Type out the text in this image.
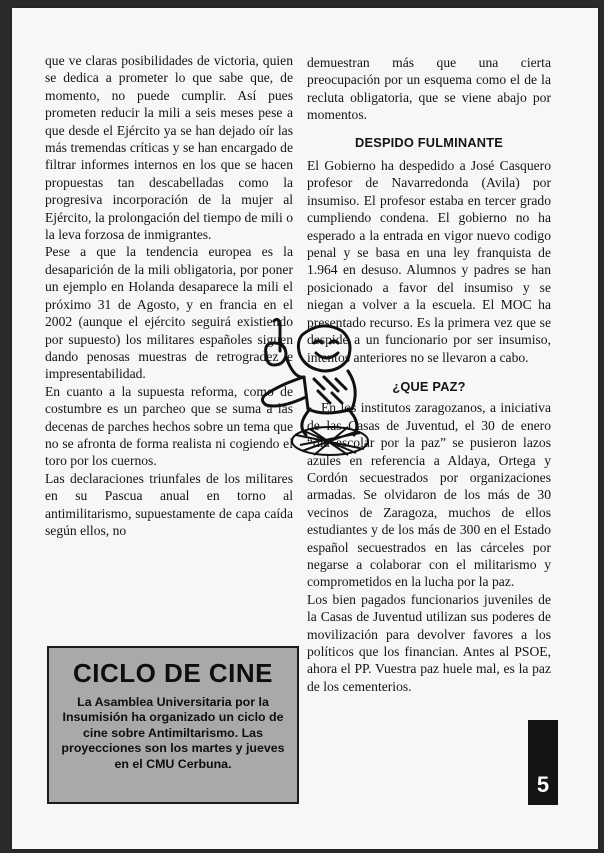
que ve claras posibilidades de victoria, quien se dedica a prometer lo que sabe que, de momento, no puede cumplir. Así pues prometen reducir la mili a seis meses pese a que desde el Ejército ya se han dejado oír las más tremendas críticas y se han encargado de filtrar informes internos en los que se hacen propuestas tan descabelladas como la progresiva incorporación de la mujer al Ejército, la prolongación del tiempo de mili o la leva forzosa de inmigrantes.

Pese a que la tendencia europea es la desaparición de la mili obligatoria, por poner un ejemplo en Holanda desaparece la mili el próximo 31 de Agosto, y en francia en el 2002 (aunque el ejército seguirá existiendo por supuesto) los militares españoles siguen dando penosas muestras de retrogradez e impresentabilidad.

En cuanto a la supuesta reforma, como de costumbre es un parcheo que se suma a las decenas de parches hechos sobre un tema que no se afronta de forma realista ni cogiendo el toro por los cuernos.

Las declaraciones triunfales de los militares en su Pascua anual en torno al antimilitarismo, supuestamente de capa caída según ellos, no

demuestran más que una cierta preocupación por un esquema como el de la recluta obligatoria, que se viene abajo por momentos.

DESPIDO FULMINANTE

El Gobierno ha despedido a José Casquero profesor de Navarredonda (Avila) por insumiso. El profesor estaba en tercer grado cumpliendo condena. El gobierno no ha esperado a la entrada en vigor nuevo codigo penal y se basa en una ley franquista de 1.964 en desuso. Alumnos y padres se han posicionado a favor del insumiso y se niegan a volver a la escuela. El MOC ha presentado recurso. Es la primera vez que se despide a un funcionario por ser insumiso, intentos anteriores no se llevaron a cabo.

¿QUE PAZ?

En los institutos zaragozanos, a iniciativa de las Casas de Juventud, el 30 de enero “día escolar por la paz” se pusieron lazos azules en referencia a Aldaya, Ortega y Cordón secuestrados por organizaciones armadas. Se olvidaron de los más de 30 vecinos de Zaragoza, muchos de ellos estudiantes y de los más de 300 en el Estado español secuestrados en las cárceles por negarse a colaborar con el militarismo y comprometidos en la lucha por la paz.

Los bien pagados funcionarios juveniles de la Casas de Juventud utilizan sus poderes de movilización para devolver favores a los políticos que los financian. Antes al PSOE, ahora el PP. Vuestra paz huele mal, es la paz de los cementerios.

CICLO DE CINE
La Asamblea Universitaria por la Insumisión ha organizado un ciclo de cine sobre Antimiltarismo. Las proyecciones son los martes y jueves en el CMU Cerbuna.
5
